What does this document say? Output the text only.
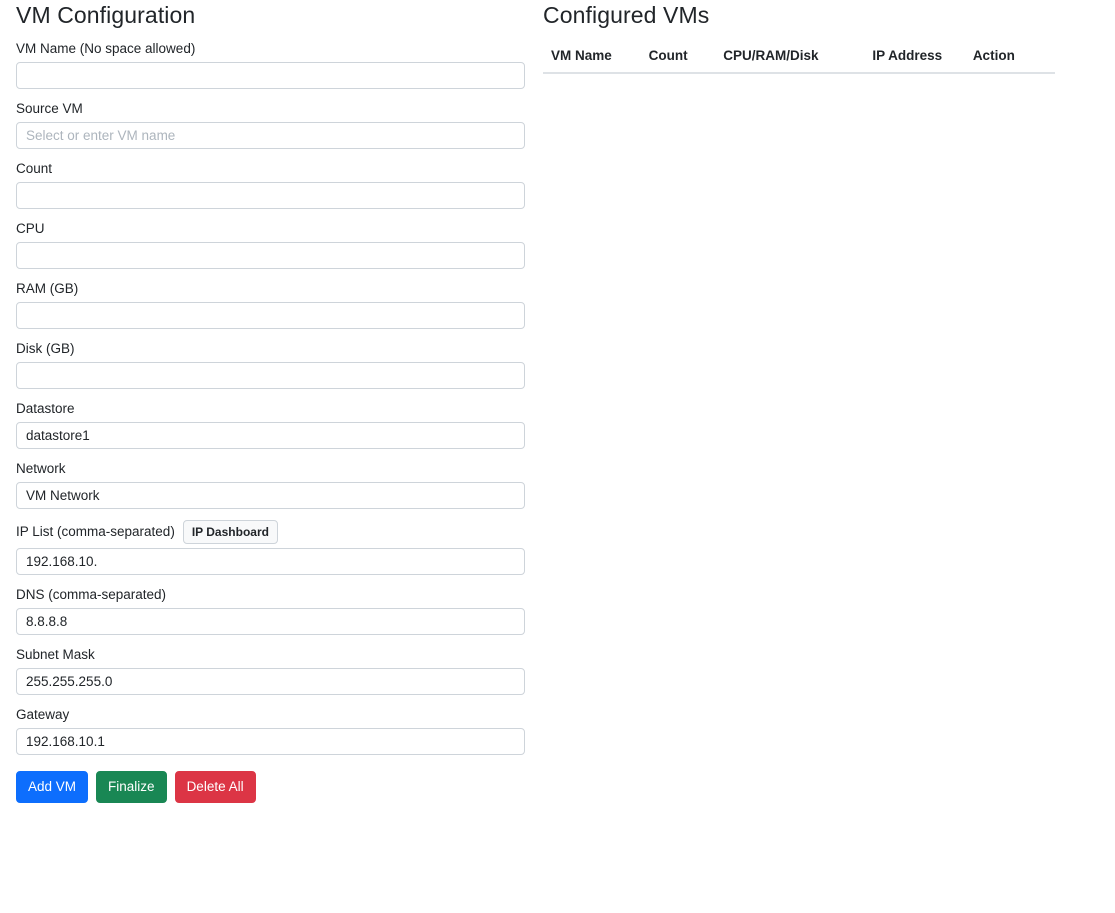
VM Configuration
VM Name (No space allowed)
Source VM
Select or enter VM name
Count
CPU
RAM (GB)
Disk (GB)
Datastore
datastore1
Network
VM Network
IP List (comma-separated)	IP Dashboard
192.168.10.
DNS (comma-separated)
8.8.8.8
Subnet Mask
255.255.255.0
Gateway
192.168.10.1
Add VM	Finalize	Delete All
Configured VMs
VM Name	Count	CPU/RAM/Disk	IP Address	Action
